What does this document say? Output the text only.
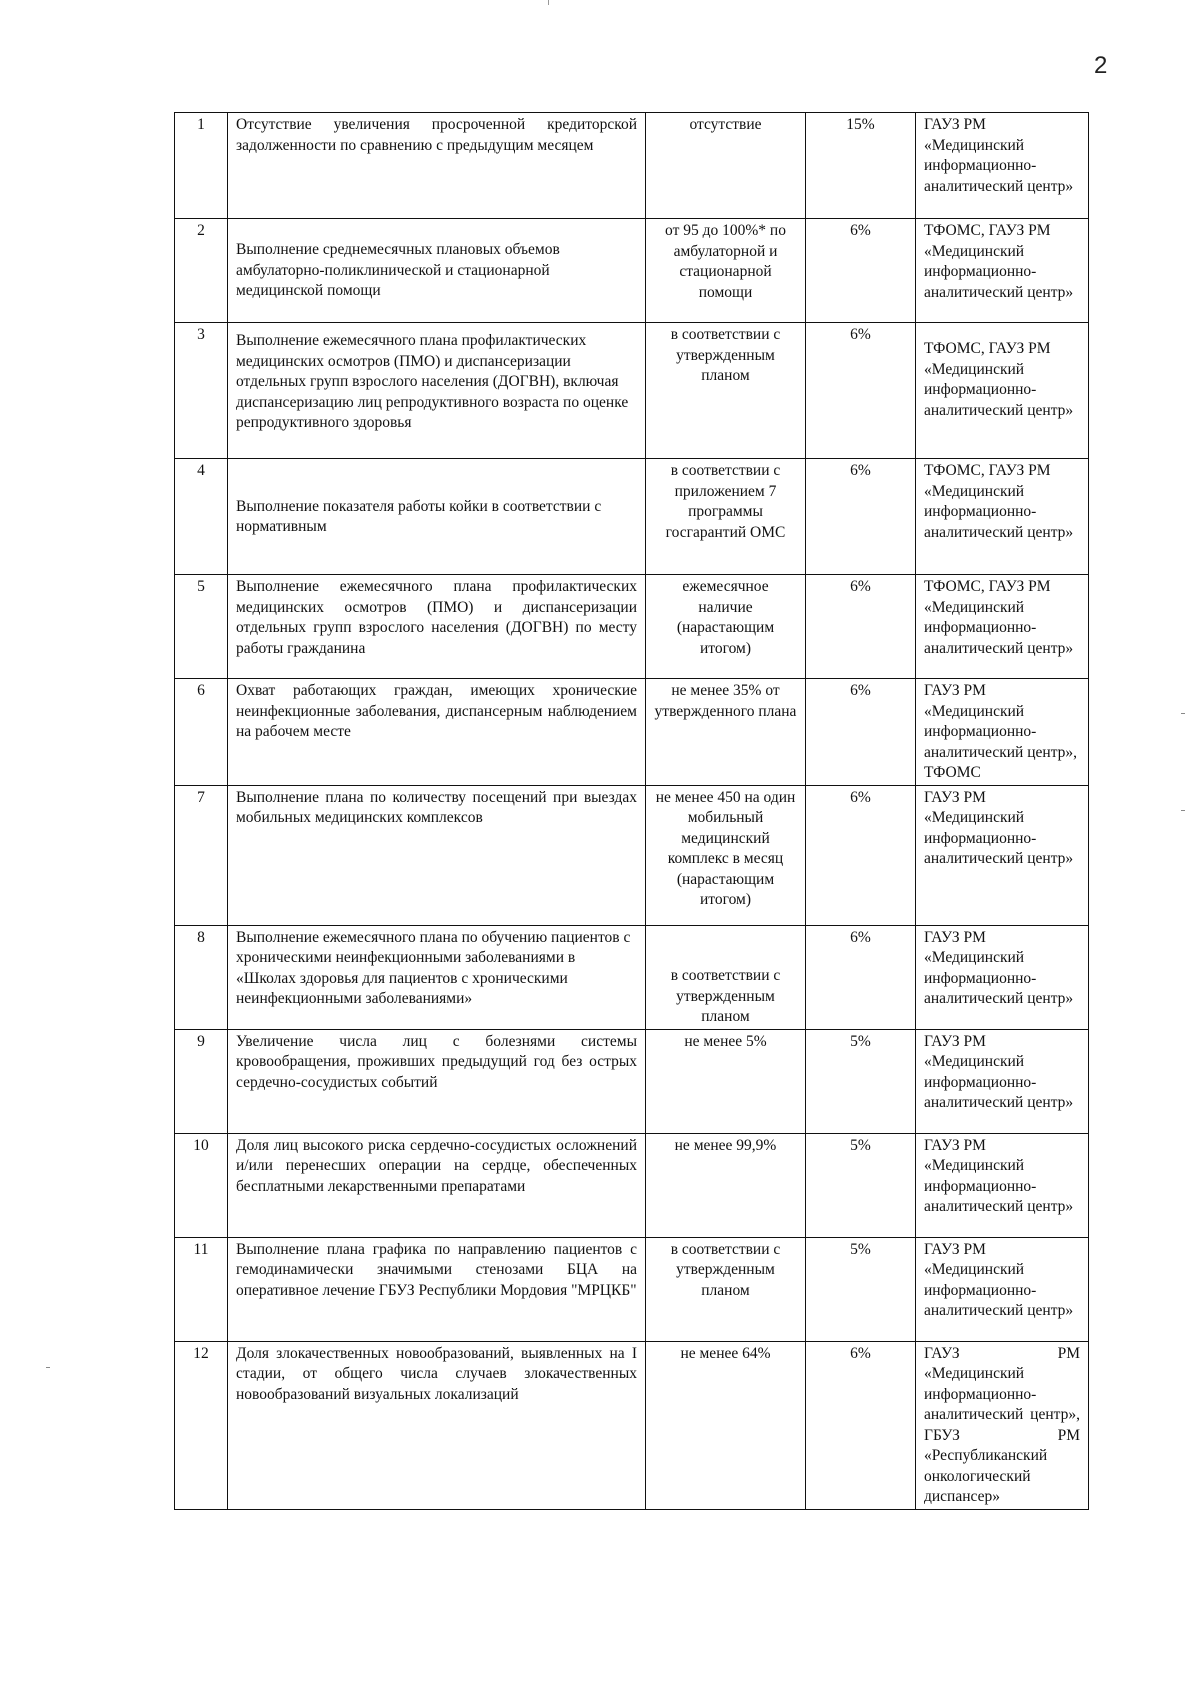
2
1	Отсутствие увеличения просроченной кредиторской задолженности по сравнению с предыдущим месяцем	отсутствие	15%	ГАУЗ РМ «Медицинский информационно-аналитический центр»
2	Выполнение среднемесячных плановых объемов амбулаторно-поликлинической и стационарной медицинской помощи	от 95 до 100%* по амбулаторной и стационарной помощи	6%	ТФОМС, ГАУЗ РМ «Медицинский информационно-аналитический центр»
3	Выполнение ежемесячного плана профилактических медицинских осмотров (ПМО) и диспансеризации отдельных групп взрослого населения (ДОГВН), включая диспансеризацию лиц репродуктивного возраста по оценке репродуктивного здоровья	в соответствии с утвержденным планом	6%	ТФОМС, ГАУЗ РМ «Медицинский информационно-аналитический центр»
4	Выполнение показателя работы койки в соответствии с нормативным	в соответствии с приложением 7 программы госгарантий ОМС	6%	ТФОМС, ГАУЗ РМ «Медицинский информационно-аналитический центр»
5	Выполнение ежемесячного плана профилактических медицинских осмотров (ПМО) и диспансеризации отдельных групп взрослого населения (ДОГВН) по месту работы гражданина	ежемесячное наличие (нарастающим итогом)	6%	ТФОМС, ГАУЗ РМ «Медицинский информационно-аналитический центр»
6	Охват работающих граждан, имеющих хронические неинфекционные заболевания, диспансерным наблюдением на рабочем месте	не менее 35% от утвержденного плана	6%	ГАУЗ РМ «Медицинский информационно-аналитический центр», ТФОМС
7	Выполнение плана по количеству посещений при выездах мобильных медицинских комплексов	не менее 450 на один мобильный медицинский комплекс в месяц (нарастающим итогом)	6%	ГАУЗ РМ «Медицинский информационно-аналитический центр»
8	Выполнение ежемесячного плана по обучению пациентов с хроническими неинфекционными заболеваниями в «Школах здоровья для пациентов с хроническими неинфекционными заболеваниями»	в соответствии с утвержденным планом	6%	ГАУЗ РМ «Медицинский информационно-аналитический центр»
9	Увеличение числа лиц с болезнями системы кровообращения, проживших предыдущий год без острых сердечно-сосудистых событий	не менее 5%	5%	ГАУЗ РМ «Медицинский информационно-аналитический центр»
10	Доля лиц высокого риска сердечно-сосудистых осложнений и/или перенесших операции на сердце, обеспеченных бесплатными лекарственными препаратами	не менее 99,9%	5%	ГАУЗ РМ «Медицинский информационно-аналитический центр»
11	Выполнение плана графика по направлению пациентов с гемодинамически значимыми стенозами БЦА на оперативное лечение ГБУЗ Республики Мордовия "МРЦКБ"	в соответствии с утвержденным планом	5%	ГАУЗ РМ «Медицинский информационно-аналитический центр»
12	Доля злокачественных новообразований, выявленных на I стадии, от общего числа случаев злокачественных новообразований визуальных локализаций	не менее 64%	6%	ГАУЗ РМ «Медицинский информационно-аналитический центр», ГБУЗ РМ «Республиканский онкологический диспансер»
